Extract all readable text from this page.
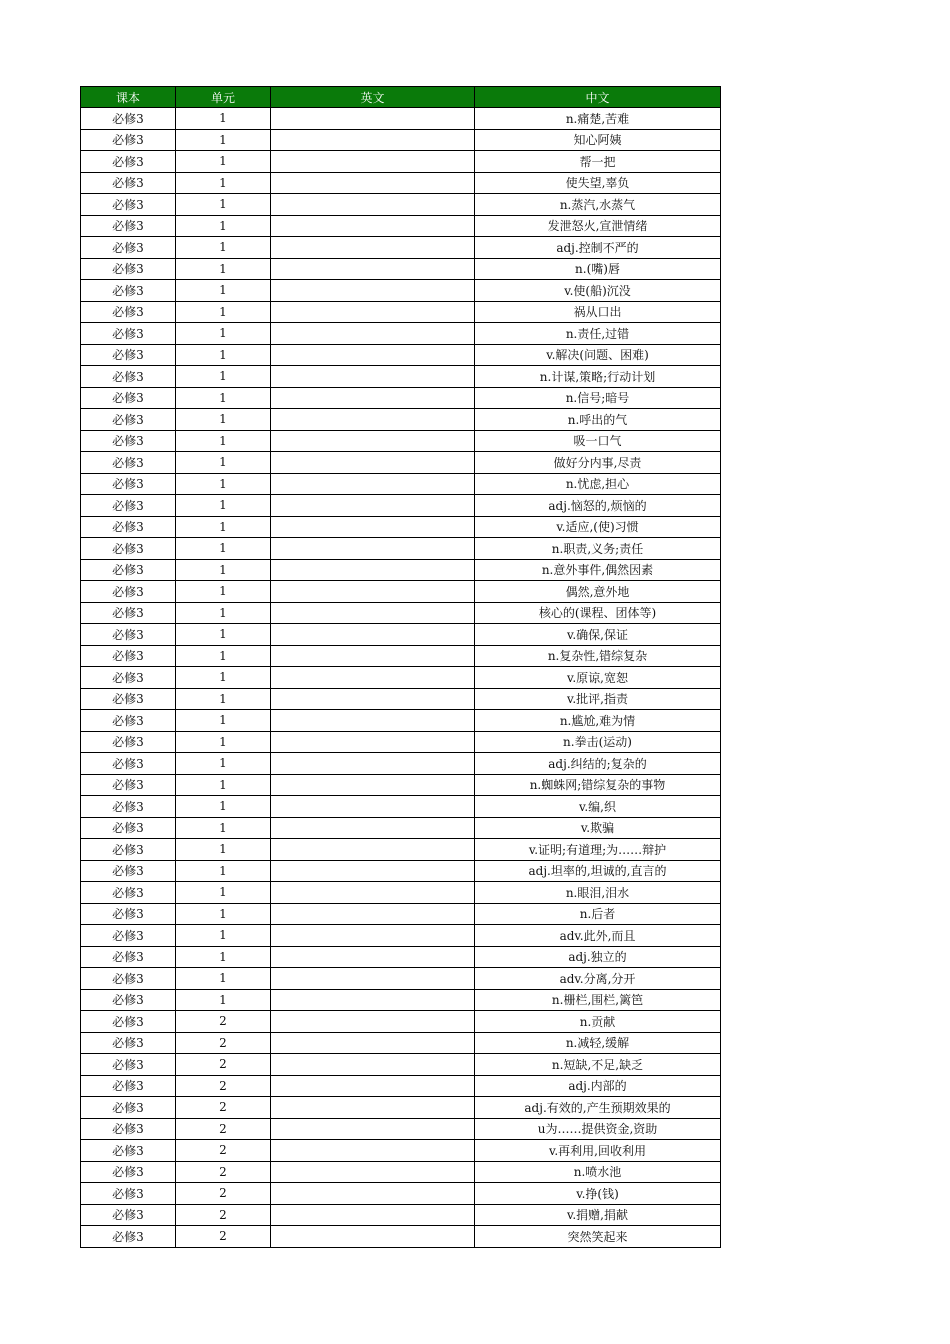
课本	单元	英文	中文
必修3	1		n.痛楚,苦难
必修3	1		知心阿姨
必修3	1		帮一把
必修3	1		使失望,辜负
必修3	1		n.蒸汽,水蒸气
必修3	1		发泄怒火,宣泄情绪
必修3	1		adj.控制不严的
必修3	1		n.(嘴)唇
必修3	1		v.使(船)沉没
必修3	1		祸从口出
必修3	1		n.责任,过错
必修3	1		v.解决(问题、困难)
必修3	1		n.计谋,策略;行动计划
必修3	1		n.信号;暗号
必修3	1		n.呼出的气
必修3	1		吸一口气
必修3	1		做好分内事,尽责
必修3	1		n.忧虑,担心
必修3	1		adj.恼怒的,烦恼的
必修3	1		v.适应,(使)习惯
必修3	1		n.职责,义务;责任
必修3	1		n.意外事件,偶然因素
必修3	1		偶然,意外地
必修3	1		核心的(课程、团体等)
必修3	1		v.确保,保证
必修3	1		n.复杂性,错综复杂
必修3	1		v.原谅,宽恕
必修3	1		v.批评,指责
必修3	1		n.尴尬,难为情
必修3	1		n.拳击(运动)
必修3	1		adj.纠结的;复杂的
必修3	1		n.蜘蛛网;错综复杂的事物
必修3	1		v.编,织
必修3	1		v.欺骗
必修3	1		v.证明;有道理;为……辩护
必修3	1		adj.坦率的,坦诚的,直言的
必修3	1		n.眼泪,泪水
必修3	1		n.后者
必修3	1		adv.此外,而且
必修3	1		adj.独立的
必修3	1		adv.分离,分开
必修3	1		n.栅栏,围栏,篱笆
必修3	2		n.贡献
必修3	2		n.减轻,缓解
必修3	2		n.短缺,不足,缺乏
必修3	2		adj.内部的
必修3	2		adj.有效的,产生预期效果的
必修3	2		u为……提供资金,资助
必修3	2		v.再利用,回收利用
必修3	2		n.喷水池
必修3	2		v.挣(钱)
必修3	2		v.捐赠,捐献
必修3	2		突然笑起来
